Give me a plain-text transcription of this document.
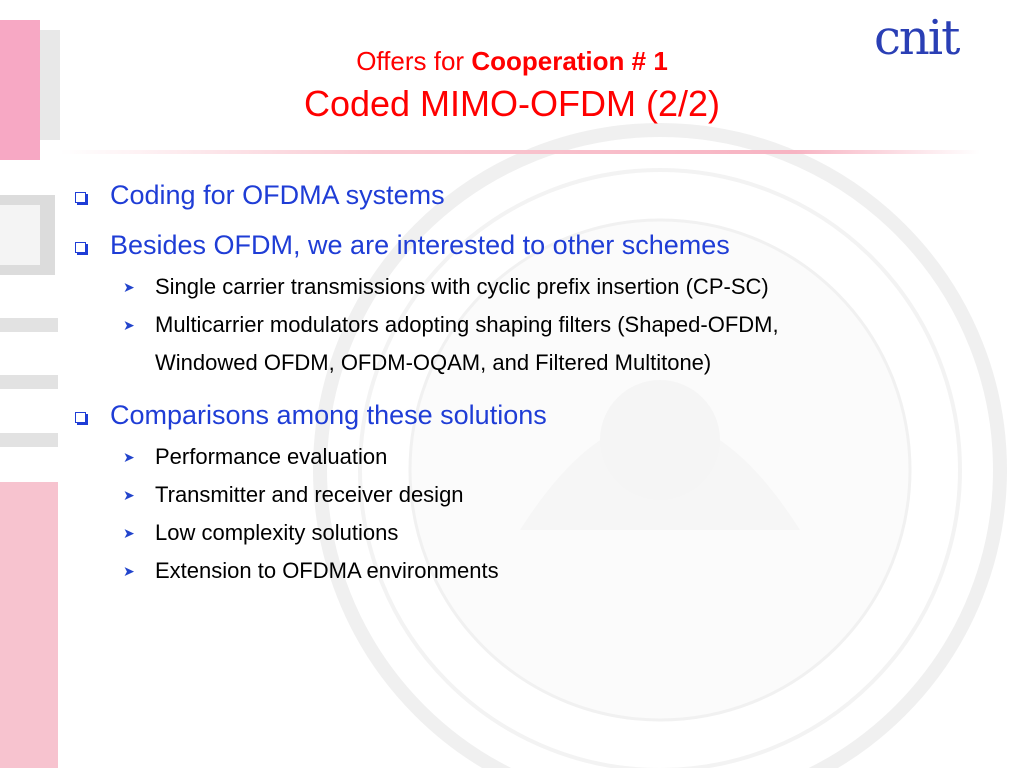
cnit
Offers for Cooperation # 1
Coded MIMO-OFDM (2/2)
Coding for OFDMA systems
Besides OFDM, we are interested to other schemes
➤ Single carrier transmissions with cyclic prefix insertion (CP-SC)
➤ Multicarrier modulators adopting shaping filters (Shaped-OFDM,
Windowed OFDM, OFDM-OQAM, and Filtered Multitone)
Comparisons among these solutions
➤ Performance evaluation
➤ Transmitter and receiver design
➤ Low complexity solutions
➤ Extension to OFDMA environments
